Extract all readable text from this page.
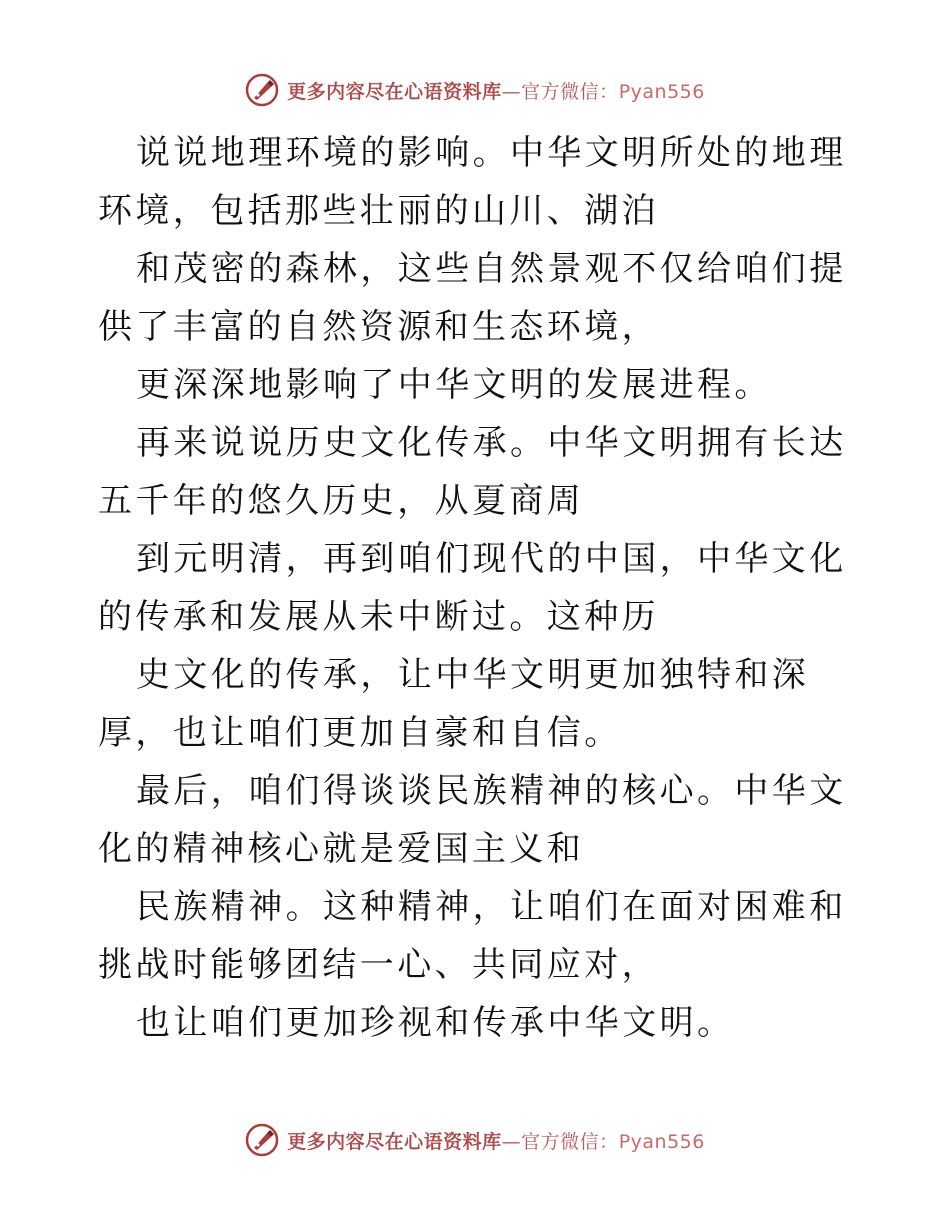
更多内容尽在心语资料库—官方微信：Pyan556

说说地理环境的影响。中华文明所处的地理环境，包括那些壮丽的山川、湖泊

和茂密的森林，这些自然景观不仅给咱们提供了丰富的自然资源和生态环境，

更深深地影响了中华文明的发展进程。

再来说说历史文化传承。中华文明拥有长达五千年的悠久历史，从夏商周

到元明清，再到咱们现代的中国，中华文化的传承和发展从未中断过。这种历

史文化的传承，让中华文明更加独特和深厚，也让咱们更加自豪和自信。

最后，咱们得谈谈民族精神的核心。中华文化的精神核心就是爱国主义和

民族精神。这种精神，让咱们在面对困难和挑战时能够团结一心、共同应对，

也让咱们更加珍视和传承中华文明。

更多内容尽在心语资料库—官方微信：Pyan556
